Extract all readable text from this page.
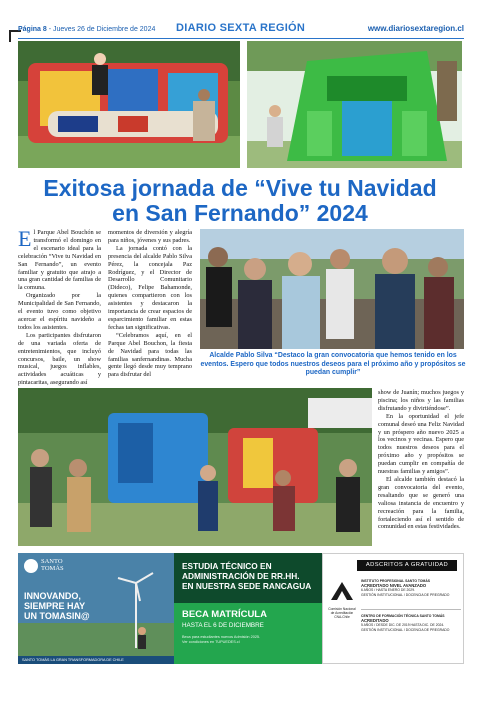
Página 8 - Jueves 26 de Diciembre de 2024 DIARIO SEXTA REGIÓN	www.diariosextaregion.cl
Exitosa jornada de “Vive tu Navidad
en San Fernando” 2024
E l Parque Abel Bouchón se transformó el domingo en el escenario ideal para la celebración “Vive tu Navidad en San Fernando”, un evento familiar y gratuito que atrajo a una gran cantidad de familias de la comuna.

Organizado por la Municipalidad de San Fernando, el evento tuvo como objetivo acercar el espíritu navideño a todos los asistentes.

Los participantes disfrutaron de una variada oferta de entretenimientos, que incluyó concursos, baile, un show musical, juegos inflables, actividades acuáticas y pintacaritas, asegurando así

momentos de diversión y alegría para niños, jóvenes y sus padres.

La jornada contó con la presencia del alcalde Pablo Silva Pérez, la concejala Paz Rodríguez, y el Director de Desarrollo Comunitario (Dideco), Felipe Bahamonde, quienes compartieron con los asistentes y destacaron la importancia de crear espacios de esparcimiento familiar en estas fechas tan significativas.

“Celebramos aquí, en el Parque Abel Bouchon, la fiesta de Navidad para todas las familias sanfernandinas. Mucha gente llegó desde muy temprano para disfrutar del

Alcalde Pablo Silva “Destaco la gran convocatoria que hemos tenido en los eventos. Espero que todos nuestros deseos para el próximo año y propósitos se puedan cumplir”

show de Juanín; muchos juegos y piscina; los niños y las familias disfrutando y divirtiéndose”.

En la oportunidad el jefe comunal deseó una Feliz Navidad y un próspero año nuevo 2025 a los vecinos y vecinas. Espero que todos nuestros deseos para el próximo año y propósitos se puedan cumplir en compañía de nuestras familias y amigos”.

El alcalde también destacó la gran convocatoria del evento, resaltando que se generó una valiosa instancia de encuentro y recreación para la familia, fortaleciendo así el sentido de comunidad en estas festividades.

SANTO
TOMÁS
INNOVANDO,
SIEMPRE HAY
UN TOMASIN@
SANTO TOMÁS LA GRAN TRANSFORMADORA DE CHILE
ESTUDIA TÉCNICO EN
ADMINISTRACIÓN DE RR.HH.
EN NUESTRA SEDE RANCAGUA
BECA MATRÍCULA
HASTA EL 6 DE DICIEMBRE
Beca para estudiantes nuevos Admisión 2025.
Ver condiciones en TUPUEDES.cl
ADSCRITOS A GRATUIDAD
Comisión Nacional
de Acreditación
CNA-Chile
INSTITUTO PROFESIONAL SANTO TOMÁS
ACREDITADO NIVEL AVANZADO
6 AÑOS / HASTA ENERO DE 2029.
GESTIÓN INSTITUCIONAL / DOCENCIA DE PREGRADO
CENTRO DE FORMACIÓN TÉCNICA SANTO TOMÁS
ACREDITADO
5 AÑOS / DESDE DIC. DE 2019 HASTA DIC. DE 2024.
GESTIÓN INSTITUCIONAL / DOCENCIA DE PREGRADO
